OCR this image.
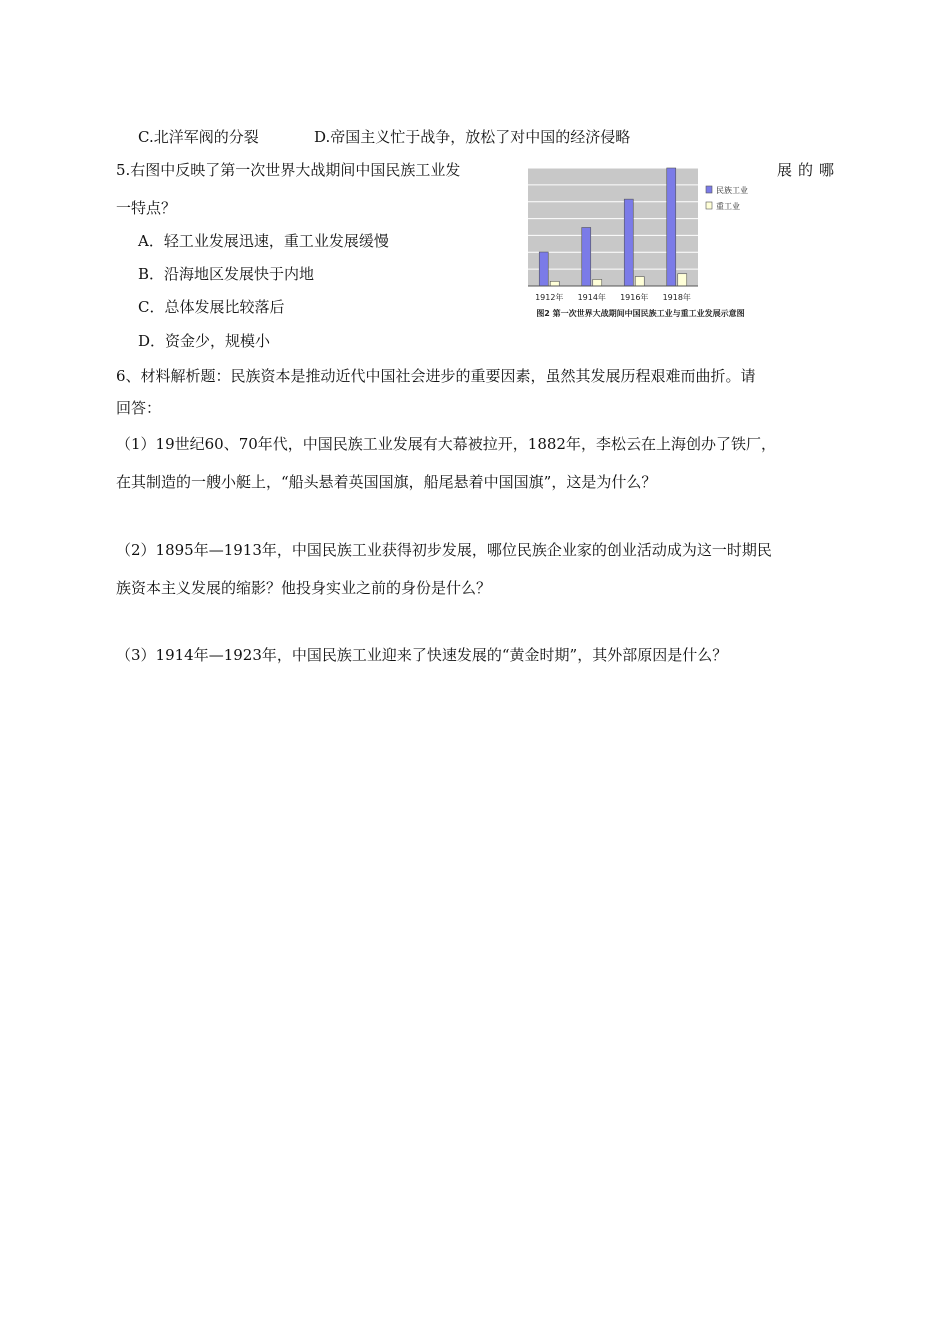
C.北洋军阀的分裂	D.帝国主义忙于战争，放松了对中国的经济侵略
5.右图中反映了第一次世界大战期间中国民族工业发	展的哪
一特点？
A．轻工业发展迅速，重工业发展缓慢
B．沿海地区发展快于内地
C．总体发展比较落后
D．资金少，规模小
1912年 1914年 1916年 1918年
民族工业
重工业
图2 第一次世界大战期间中国民族工业与重工业发展示意图
6、材料解析题：民族资本是推动近代中国社会进步的重要因素，虽然其发展历程艰难而曲折。请
回答：
（1）19世纪60、70年代，中国民族工业发展有大幕被拉开，1882年，李松云在上海创办了铁厂，
在其制造的一艘小艇上，“船头悬着英国国旗，船尾悬着中国国旗”，这是为什么？
（2）1895年—1913年，中国民族工业获得初步发展，哪位民族企业家的创业活动成为这一时期民
族资本主义发展的缩影？他投身实业之前的身份是什么？
（3）1914年—1923年，中国民族工业迎来了快速发展的“黄金时期”，其外部原因是什么？
